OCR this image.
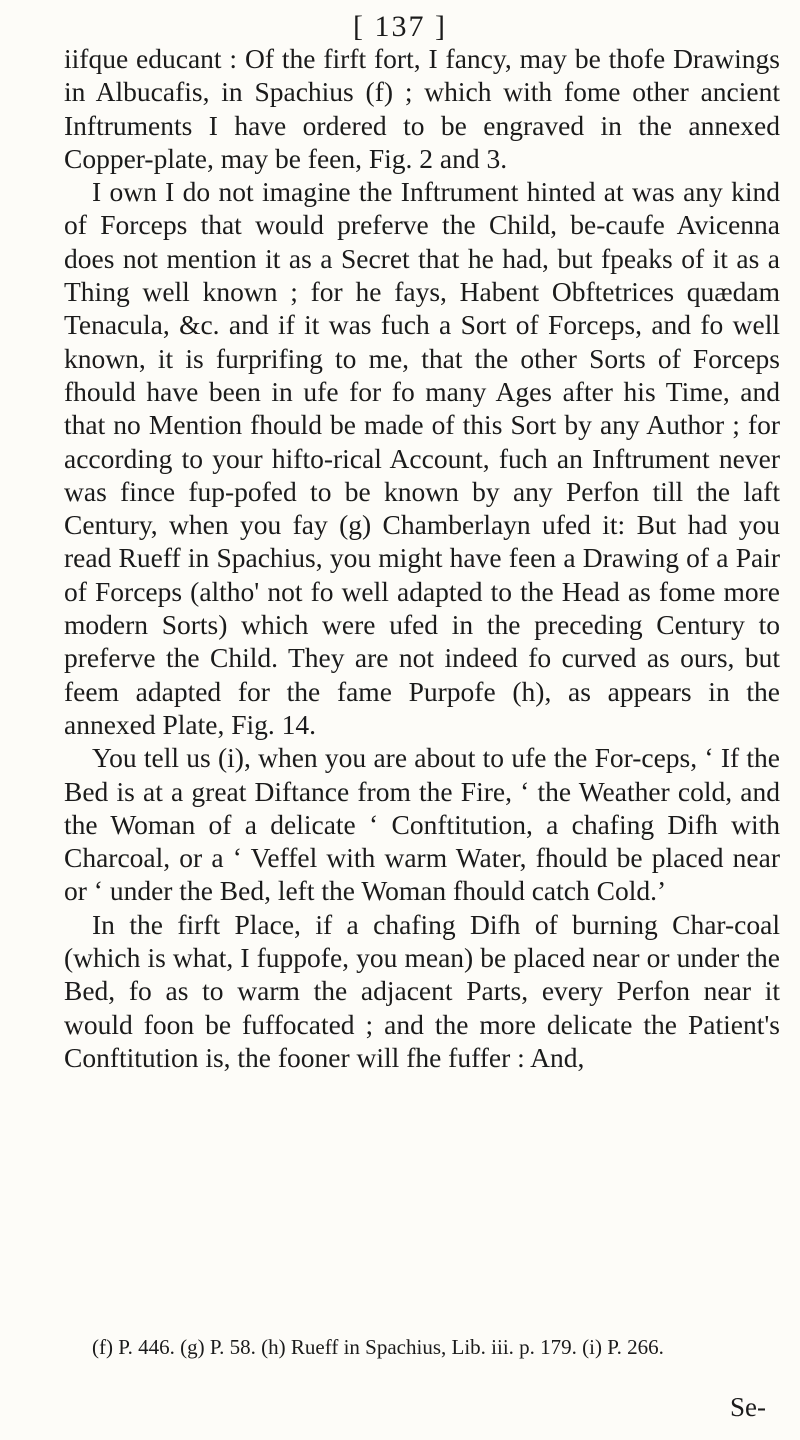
[ 137 ]

iifque educant : Of the firft fort, I fancy, may be thofe Drawings in Albucafis, in Spachius (f) ; which with fome other ancient Inftruments I have ordered to be engraved in the annexed Copper-plate, may be feen, Fig. 2 and 3.

I own I do not imagine the Inftrument hinted at was any kind of Forceps that would preferve the Child, be-caufe Avicenna does not mention it as a Secret that he had, but fpeaks of it as a Thing well known ; for he fays, Habent Obftetrices quædam Tenacula, &c. and if it was fuch a Sort of Forceps, and fo well known, it is furprifing to me, that the other Sorts of Forceps fhould have been in ufe for fo many Ages after his Time, and that no Mention fhould be made of this Sort by any Author ; for according to your hifto-rical Account, fuch an Inftrument never was fince fup-pofed to be known by any Perfon till the laft Century, when you fay (g) Chamberlayn ufed it: But had you read Rueff in Spachius, you might have feen a Drawing of a Pair of Forceps (altho' not fo well adapted to the Head as fome more modern Sorts) which were ufed in the preceding Century to preferve the Child. They are not indeed fo curved as ours, but feem adapted for the fame Purpofe (h), as appears in the annexed Plate, Fig. 14.

You tell us (i), when you are about to ufe the For-ceps, ‘ If the Bed is at a great Diftance from the Fire, ‘ the Weather cold, and the Woman of a delicate ‘ Conftitution, a chafing Difh with Charcoal, or a ‘ Veffel with warm Water, fhould be placed near or ‘ under the Bed, left the Woman fhould catch Cold.’

In the firft Place, if a chafing Difh of burning Char-coal (which is what, I fuppofe, you mean) be placed near or under the Bed, fo as to warm the adjacent Parts, every Perfon near it would foon be fuffocated ; and the more delicate the Patient's Conftitution is, the fooner will fhe fuffer : And,

(f) P. 446. (g) P. 58. (h) Rueff in Spachius, Lib. iii. p. 179. (i) P. 266.

Se-
